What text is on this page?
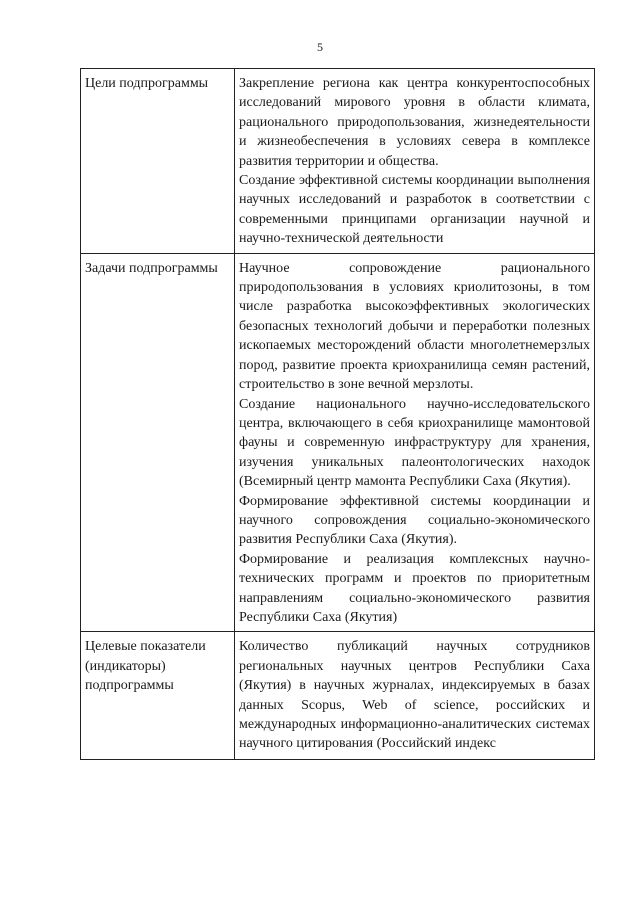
5
Цели подпрограммы	Закрепление региона как центра конкурентоспособных исследований мирового уровня в области климата, рационального природопользования, жизнедеятельности и жизнеобеспечения в условиях севера в комплексе развития территории и общества.

Создание эффективной системы координации выполнения научных исследований и разработок в соответствии с современными принципами организации научной и научно-технической деятельности

Задачи подпрограммы	Научное сопровождение рационального природопользования в условиях криолитозоны, в том числе разработка высокоэффективных экологических безопасных технологий добычи и переработки полезных ископаемых месторождений области многолетнемерзлых пород, развитие проекта криохранилища семян растений, строительство в зоне вечной мерзлоты.

Создание национального научно-исследовательского центра, включающего в себя криохранилище мамонтовой фауны и современную инфраструктуру для хранения, изучения уникальных палеонтологических находок (Всемирный центр мамонта Республики Саха (Якутия).

Формирование эффективной системы координации и научного сопровождения социально-экономического развития Республики Саха (Якутия).

Формирование и реализация комплексных научно-технических программ и проектов по приоритетным направлениям социально-экономического развития Республики Саха (Якутия)

Целевые показатели (индикаторы) подпрограммы	Количество публикаций научных сотрудников региональных научных центров Республики Саха (Якутия) в научных журналах, индексируемых в базах данных Scopus, Web of science, российских и международных информационно-аналитических системах научного цитирования (Российский индекс
